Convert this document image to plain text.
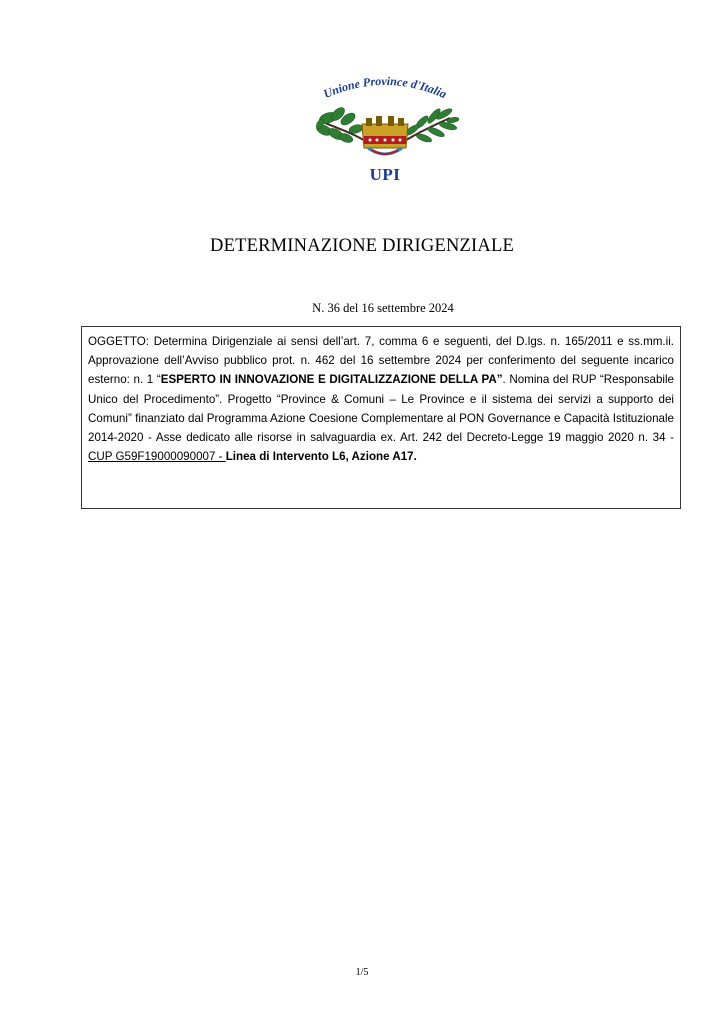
Unione Province d'Italia
UPI
DETERMINAZIONE DIRIGENZIALE
N. 36 del 16 settembre 2024

OGGETTO: Determina Dirigenziale ai sensi dell’art. 7, comma 6 e seguenti, del D.lgs. n. 165/2011 e ss.mm.ii. Approvazione dell’Avviso pubblico prot. n. 462 del 16 settembre 2024 per conferimento del seguente incarico esterno: n. 1 “ESPERTO IN INNOVAZIONE E DIGITALIZZAZIONE DELLA PA”. Nomina del RUP “Responsabile Unico del Procedimento”. Progetto “Province & Comuni – Le Province e il sistema dei servizi a supporto dei Comuni” finanziato dal Programma Azione Coesione Complementare al PON Governance e Capacità Istituzionale 2014-2020 - Asse dedicato alle risorse in salvaguardia ex. Art. 242 del Decreto-Legge 19 maggio 2020 n. 34 - CUP G59F19000090007 - Linea di Intervento L6, Azione A17.

1/5
